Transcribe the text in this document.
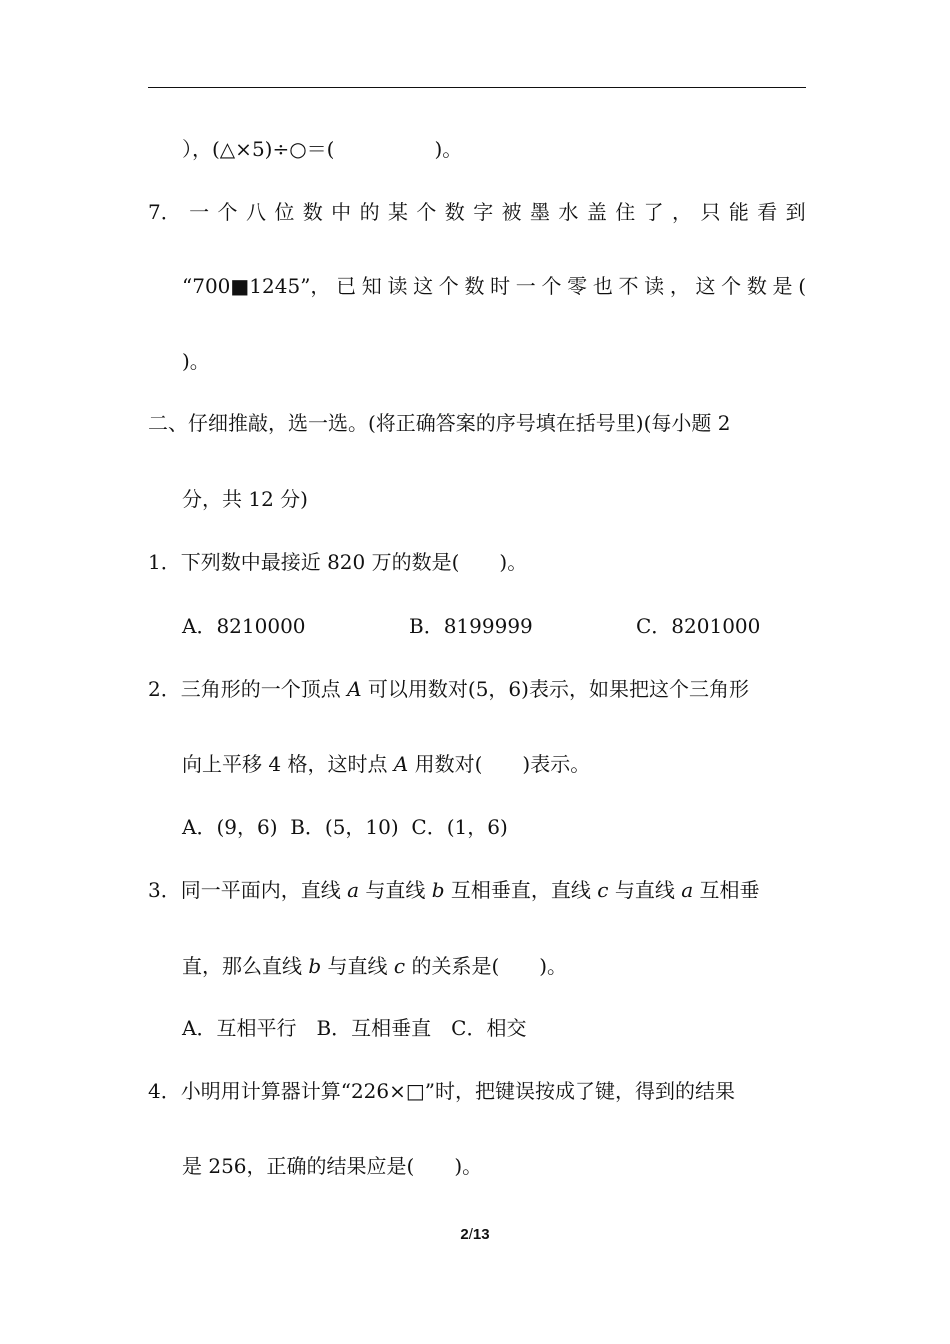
），(△×5)÷○＝(　　　　　)。
7． 一 个 八 位 数 中 的 某 个 数 字 被 墨 水 盖 住 了 ， 只 能 看 到
“700■1245”， 已 知 读 这 个 数 时 一 个 零 也 不 读 ， 这 个 数 是 (
)。
二、仔细推敲，选一选。(将正确答案的序号填在括号里)(每小题 2
分，共 12 分)
1．下列数中最接近 820 万的数是(　　)。
A．8210000	B．8199999	C．8201000
2．三角形的一个顶点 A 可以用数对(5，6)表示，如果把这个三角形
向上平移 4 格，这时点 A 用数对(　　)表示。
A．(9，6)  B．(5，10)  C．(1，6)
3．同一平面内，直线 a 与直线 b 互相垂直，直线 c 与直线 a 互相垂
直，那么直线 b 与直线 c 的关系是(　　)。
A．互相平行　B．互相垂直　C．相交
4．小明用计算器计算“226×□”时，把键误按成了键，得到的结果
是 256，正确的结果应是(　　)。
2/13
